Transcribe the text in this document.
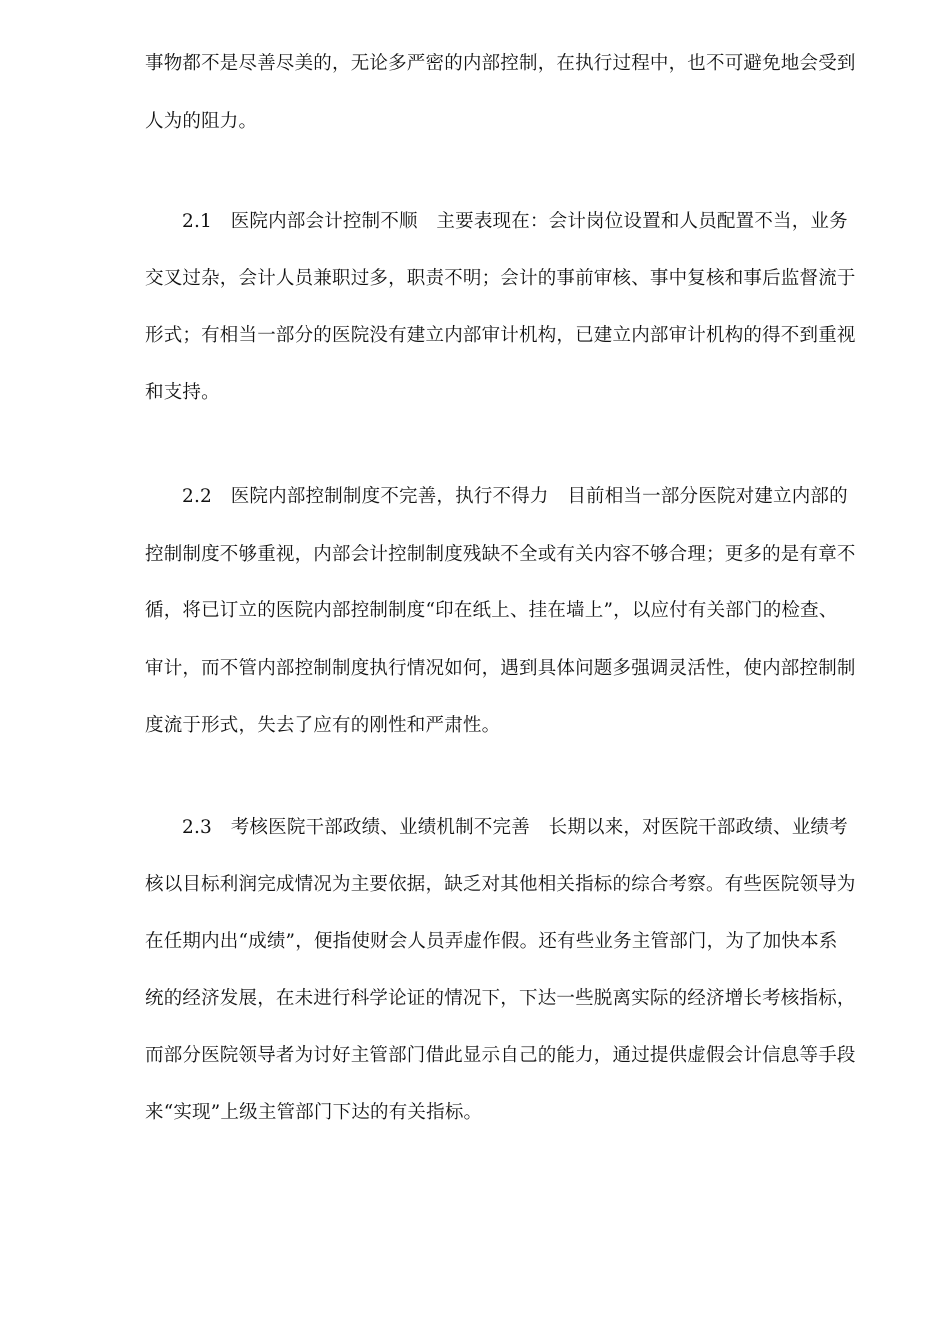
事物都不是尽善尽美的，无论多严密的内部控制，在执行过程中，也不可避免地会受到
人为的阻力。
2.1　医院内部会计控制不顺　主要表现在：会计岗位设置和人员配置不当，业务
交叉过杂，会计人员兼职过多，职责不明；会计的事前审核、事中复核和事后监督流于
形式；有相当一部分的医院没有建立内部审计机构，已建立内部审计机构的得不到重视
和支持。
2.2　医院内部控制制度不完善，执行不得力　目前相当一部分医院对建立内部的
控制制度不够重视，内部会计控制制度残缺不全或有关内容不够合理；更多的是有章不
循，将已订立的医院内部控制制度“印在纸上、挂在墙上”，以应付有关部门的检查、
审计，而不管内部控制制度执行情况如何，遇到具体问题多强调灵活性，使内部控制制
度流于形式，失去了应有的刚性和严肃性。
2.3　考核医院干部政绩、业绩机制不完善　长期以来，对医院干部政绩、业绩考
核以目标利润完成情况为主要依据，缺乏对其他相关指标的综合考察。有些医院领导为
在任期内出“成绩”，便指使财会人员弄虚作假。还有些业务主管部门，为了加快本系
统的经济发展，在未进行科学论证的情况下，下达一些脱离实际的经济增长考核指标，
而部分医院领导者为讨好主管部门借此显示自己的能力，通过提供虚假会计信息等手段
来“实现”上级主管部门下达的有关指标。
